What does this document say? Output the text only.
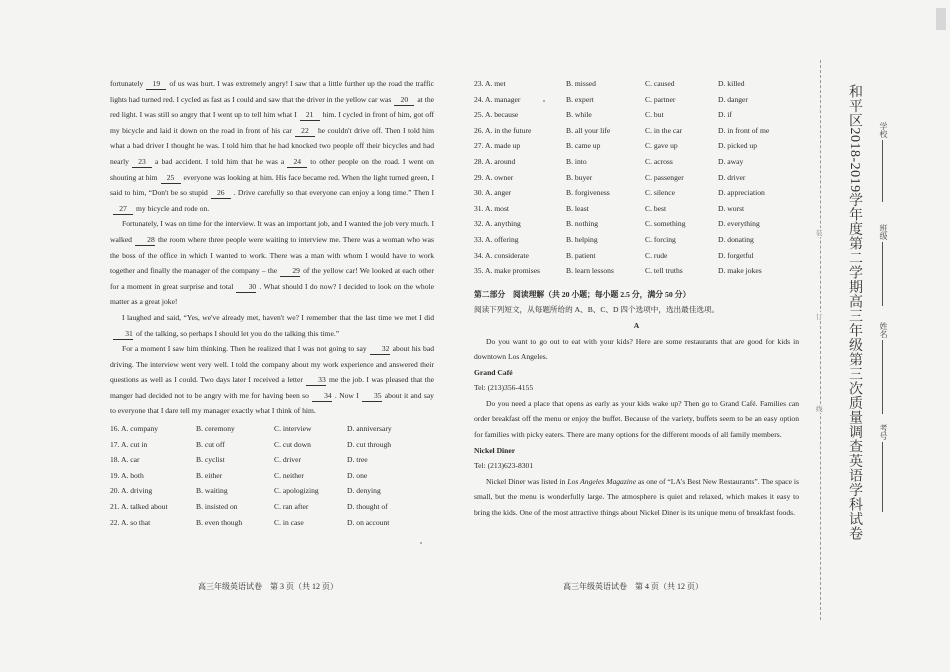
fortunately 19 of us was hurt. I was extremely angry! I saw that a little further up the road the traffic lights had turned red. I cycled as fast as I could and saw that the driver in the yellow car was 20 at the red light. I was still so angry that I went up to tell him what I 21 him. I cycled in front of him, got off my bicycle and laid it down on the road in front of his car 22 he couldn't drive off. Then I told him what a bad driver I thought he was. I told him that he had knocked two people off their bicycles and had nearly 23 a bad accident. I told him that he was a 24 to other people on the road. I went on shouting at him 25 everyone was looking at him. His face became red. When the light turned green, I said to him, “Don't be so stupid 26 . Drive carefully so that everyone can enjoy a long time.” Then I27 my bicycle and rode on.

Fortunately, I was on time for the interview. It was an important job, and I wanted the job very much. I walked 28 the room where three people were waiting to interview me. There was a woman who was the boss of the office in which I wanted to work. There was a man with whom I would have to work together and finally the manager of the company – the 29 of the yellow car! We looked at each other for a moment in great surprise and total 30 . What should I do now? I decided to look on the whole matter as a great joke!

I laughed and said, “Yes, we've already met, haven't we? I remember that the last time we met I did31 of the talking, so perhaps I should let you do the talking this time.”

For a moment I saw him thinking. Then he realized that I was not going to say 32 about his bad driving. The interview went very well. I told the company about my work experience and answered their questions as well as I could. Two days later I received a letter 33 me the job. I was pleased that the manger had decided not to be angry with me for having been so 34 . Now I 35 about it and say to everyone that I dare tell my manager exactly what I think of him.

16. A. company	B. ceremony	C. interview	D. anniversary
17. A. cut in	B. cut off	C. cut down	D. cut through
18. A. car	B. cyclist	C. driver	D. tree
19. A. both	B. either	C. neither	D. one
20. A. driving	B. waiting	C. apologizing	D. denying
21. A. talked about	B. insisted on	C. ran after	D. thought of
22. A. so that	B. even though	C. in case	D. on account
23. A. met	B. missed	C. caused	D. killed
24. A. manager	B. expert	C. partner	D. danger
25. A. because	B. while	C. but	D. if
26. A. in the future	B. all your life	C. in the car	D. in front of me
27. A. made up	B. came up	C. gave up	D. picked up
28. A. around	B. into	C. across	D. away
29. A. owner	B. buyer	C. passenger	D. driver
30. A. anger	B. forgiveness	C. silence	D. appreciation
31. A. most	B. least	C. best	D. worst
32. A. anything	B. nothing	C. something	D. everything
33. A. offering	B. helping	C. forcing	D. donating
34. A. considerate	B. patient	C. rude	D. forgetful
35. A. make promises	B. learn lessons	C. tell truths	D. make jokes

第二部分　阅读理解（共 20 小题；每小题 2.5 分，满分 50 分）

阅读下列短文，从每题所给的 A、B、C、D 四个选项中，选出最佳选项。

A

Do you want to go out to eat with your kids? Here are some restaurants that are good for kids in downtown Los Angeles.

Grand Café

Tel: (213)356-4155

Do you need a place that opens as early as your kids wake up? Then go to Grand Café. Families can order breakfast off the menu or enjoy the buffet. Because of the variety, buffets seem to be an easy option for families with picky eaters. There are many options for the different moods of all family members.

Nickel Diner

Tel: (213)623-8301

Nickel Diner was listed in Los Angeles Magazine as one of “LA's Best New Restaurants”. The space is small, but the menu is wonderfully large. The atmosphere is quiet and relaxed, which makes it easy to bring the kids. One of the most attractive things about Nickel Diner is its unique menu of breakfast foods.

高三年级英语试卷　第 3 页（共 12 页）	高三年级英语试卷　第 4 页（共 12 页）
装
订
线	和平区2018-2019学年度第二学期高三年级第三次质量调查英语学科试卷 学校
班级
姓名
考号
